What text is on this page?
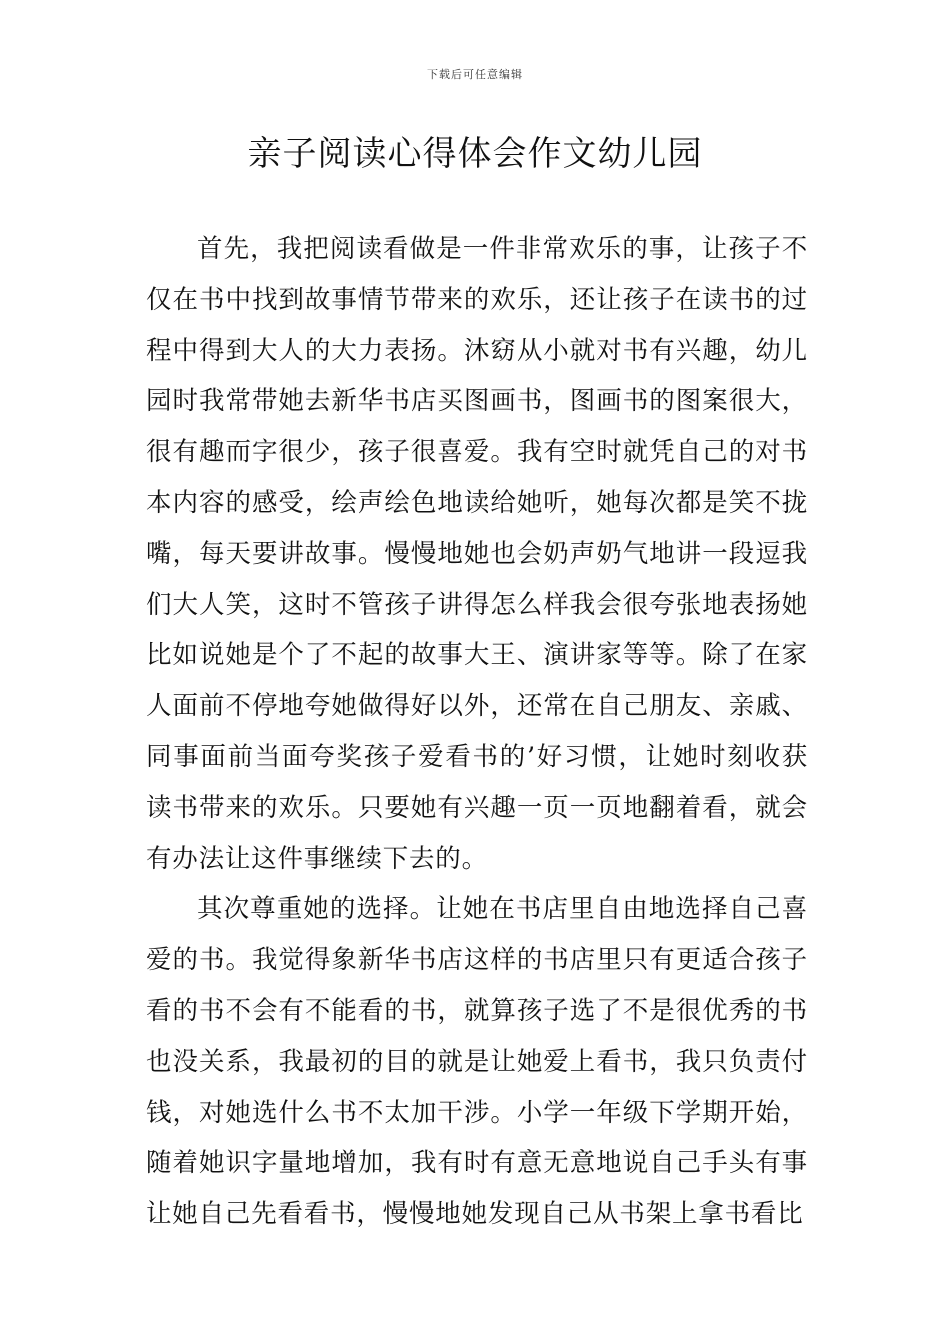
下载后可任意编辑
亲子阅读心得体会作文幼儿园

首先，我把阅读看做是一件非常欢乐的事，让孩子不仅在书中找到故事情节带来的欢乐，还让孩子在读书的过程中得到大人的大力表扬。沐窈从小就对书有兴趣，幼儿园时我常带她去新华书店买图画书，图画书的图案很大，很有趣而字很少，孩子很喜爱。我有空时就凭自己的对书本内容的感受，绘声绘色地读给她听，她每次都是笑不拢嘴，每天要讲故事。慢慢地她也会奶声奶气地讲一段逗我们大人笑，这时不管孩子讲得怎么样我会很夸张地表扬她比如说她是个了不起的故事大王、演讲家等等。除了在家人面前不停地夸她做得好以外，还常在自己朋友、亲戚、同事面前当面夸奖孩子爱看书的’好习惯，让她时刻收获读书带来的欢乐。只要她有兴趣一页一页地翻着看，就会有办法让这件事继续下去的。

其次尊重她的选择。让她在书店里自由地选择自己喜爱的书。我觉得象新华书店这样的书店里只有更适合孩子看的书不会有不能看的书，就算孩子选了不是很优秀的书也没关系，我最初的目的就是让她爱上看书，我只负责付钱，对她选什么书不太加干涉。小学一年级下学期开始，随着她识字量地增加，我有时有意无意地说自己手头有事让她自己先看看书，慢慢地她发现自己从书架上拿书看比
